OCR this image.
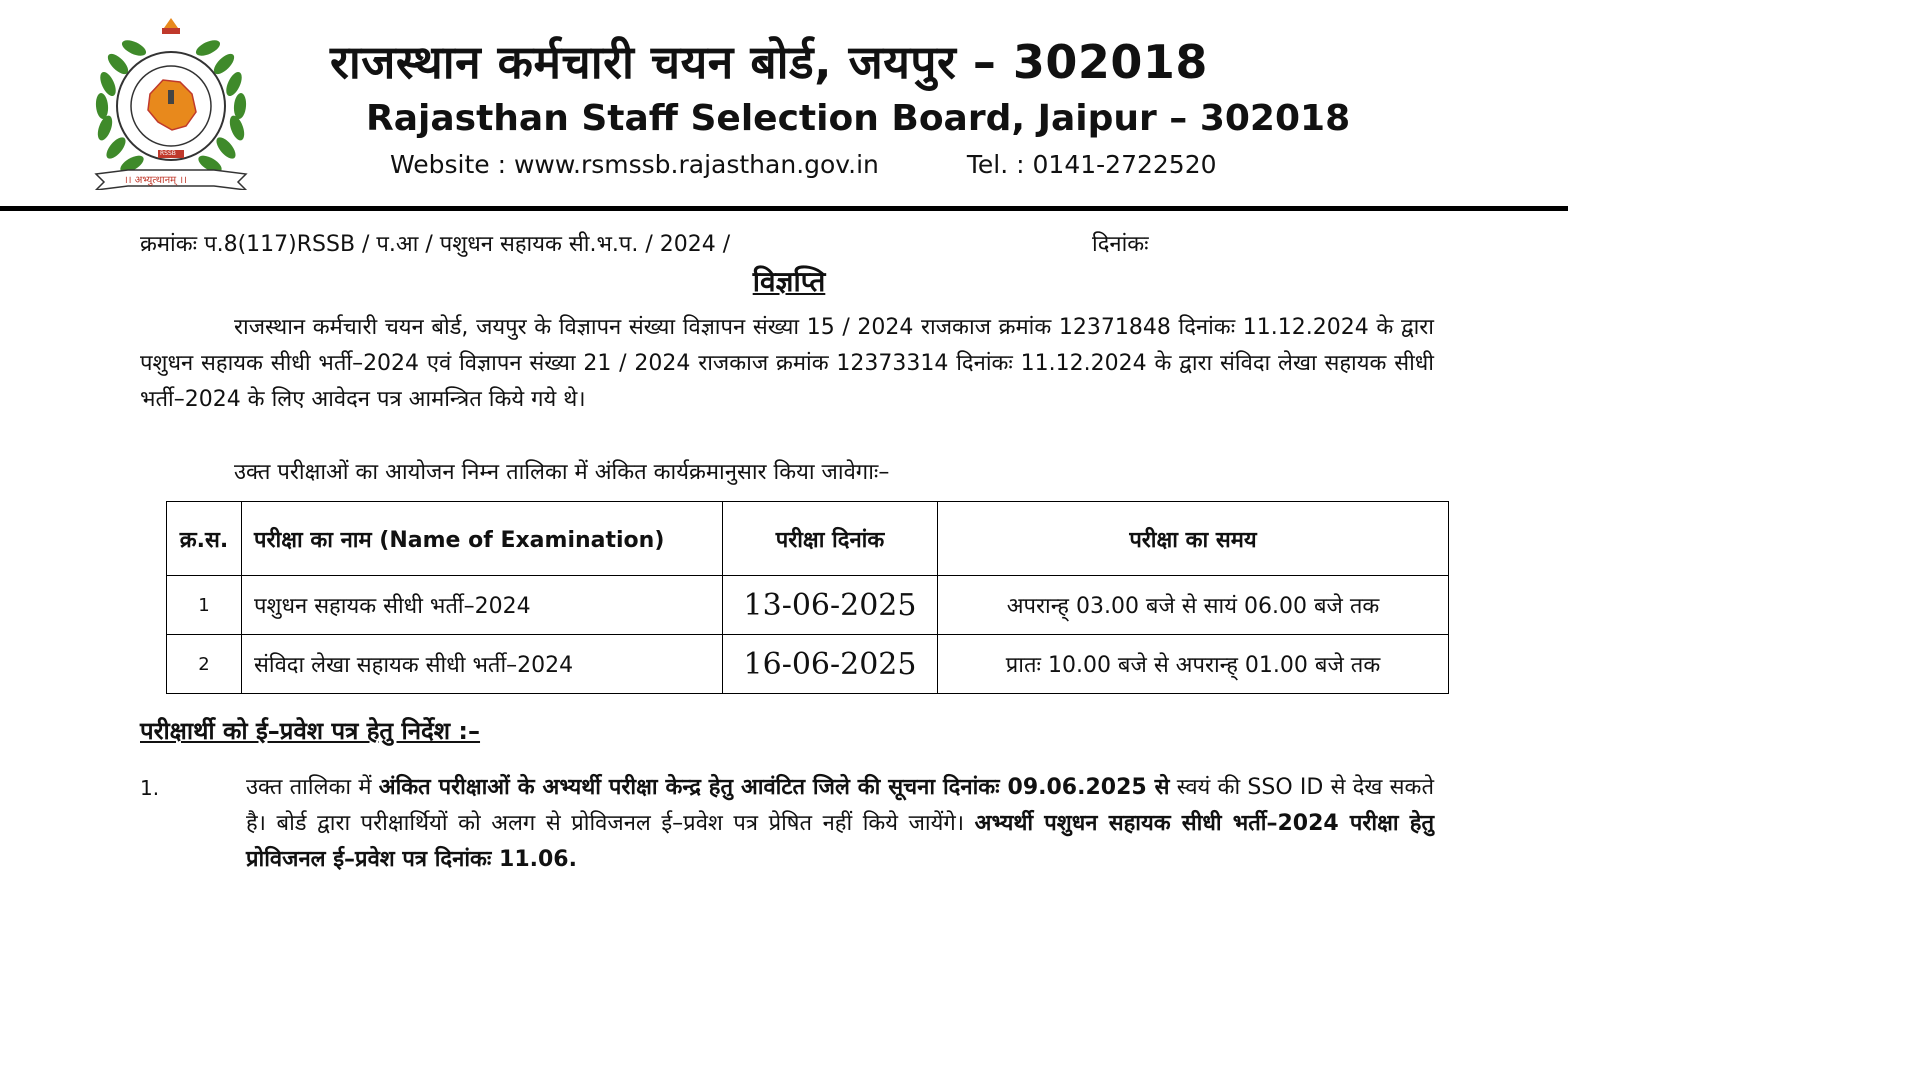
।। अभ्युत्थानम् ।।
RSSB
राजस्थान कर्मचारी चयन बोर्ड, जयपुर – 302018
Rajasthan Staff Selection Board, Jaipur – 302018
Website : www.rsmssb.rajasthan.gov.in	Tel. : 0141-2722520
क्रमांकः प.8(117)RSSB / प.आ / पशुधन सहायक सी.भ.प. / 2024 /	दिनांकः
विज्ञप्ति
राजस्थान कर्मचारी चयन बोर्ड, जयपुर के विज्ञापन संख्या विज्ञापन संख्या 15 / 2024 राजकाज क्रमांक 12371848 दिनांकः 11.12.2024 के द्वारा पशुधन सहायक सीधी भर्ती–2024 एवं विज्ञापन संख्या 21 / 2024 राजकाज क्रमांक 12373314 दिनांकः 11.12.2024 के द्वारा संविदा लेखा सहायक सीधी भर्ती–2024 के लिए आवेदन पत्र आमन्त्रित किये गये थे।
उक्त परीक्षाओं का आयोजन निम्न तालिका में अंकित कार्यक्रमानुसार किया जावेगाः–
क्र.स.	परीक्षा का नाम (Name of Examination)	परीक्षा दिनांक	परीक्षा का समय
1	पशुधन सहायक सीधी भर्ती–2024	13-06-2025	अपरान्ह् 03.00 बजे से सायं 06.00 बजे तक
2	संविदा लेखा सहायक सीधी भर्ती–2024	16-06-2025	प्रातः 10.00 बजे से अपरान्ह् 01.00 बजे तक
परीक्षार्थी को ई–प्रवेश पत्र हेतु निर्देश :–
1.	उक्त तालिका में अंकित परीक्षाओं के अभ्यर्थी परीक्षा केन्द्र हेतु आवंटित जिले की सूचना दिनांकः 09.06.2025 से स्वयं की SSO ID से देख सकते है। बोर्ड द्वारा परीक्षार्थियों को अलग से प्रोविजनल ई–प्रवेश पत्र प्रेषित नहीं किये जायेंगे। अभ्यर्थी पशुधन सहायक सीधी भर्ती–2024 परीक्षा हेतु प्रोविजनल ई–प्रवेश पत्र दिनांकः 11.06.
